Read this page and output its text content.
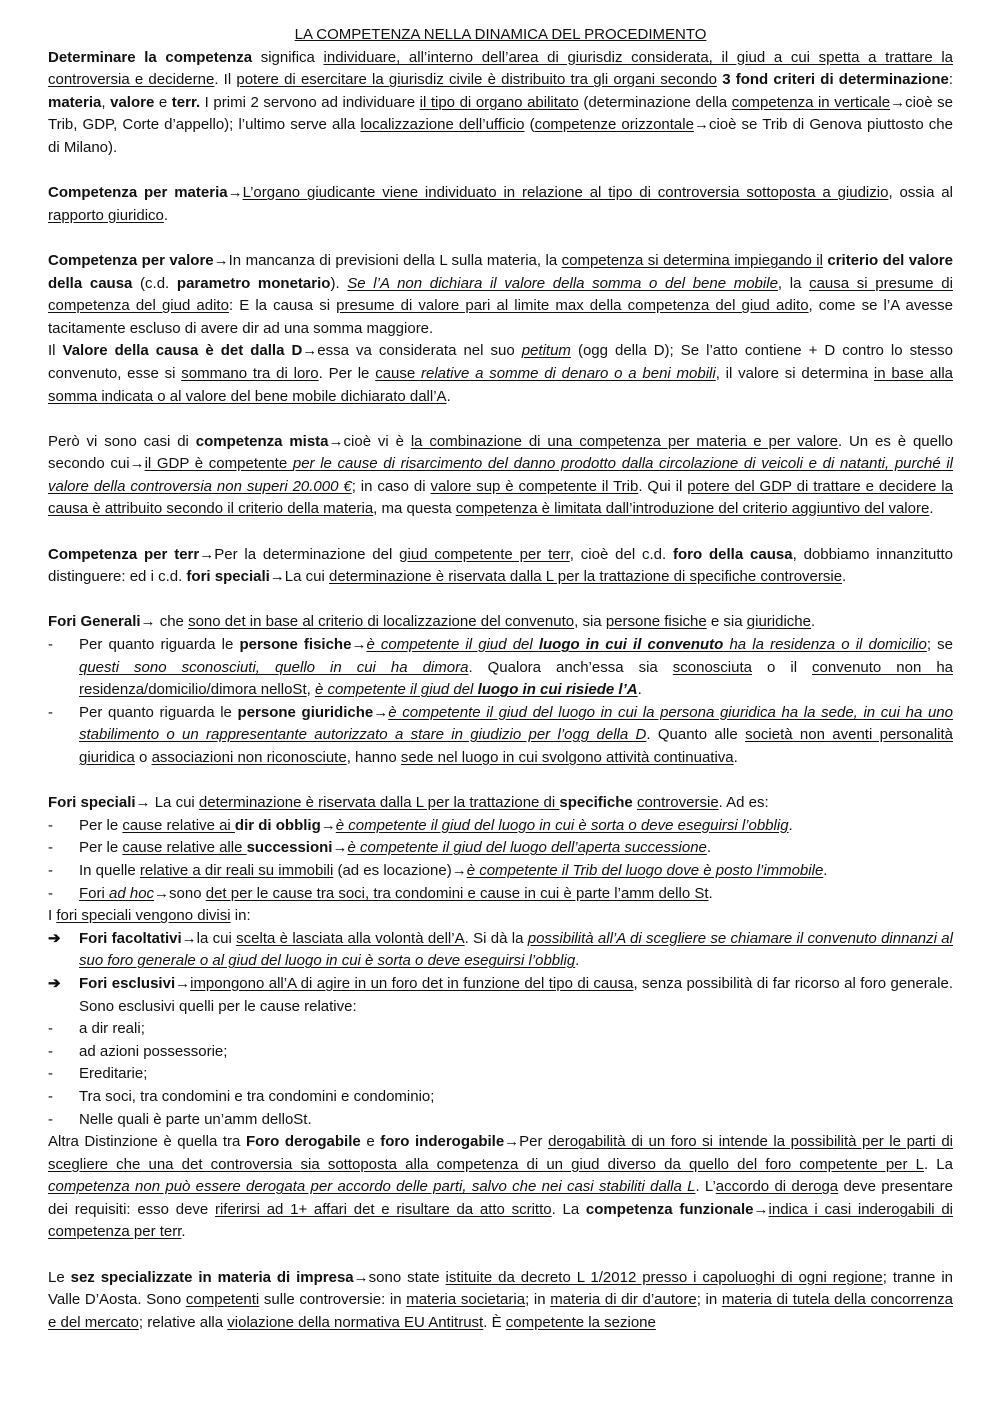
LA COMPETENZA NELLA DINAMICA DEL PROCEDIMENTO

Determinare la competenza significa individuare, all’interno dell’area di giurisdiz considerata, il giud a cui spetta a trattare la controversia e deciderne. Il potere di esercitare la giurisdiz civile è distribuito tra gli organi secondo 3 fond criteri di determinazione: materia, valore e terr. I primi 2 servono ad individuare il tipo di organo abilitato (determinazione della competenza in verticale→cioè se Trib, GDP, Corte d’appello); l’ultimo serve alla localizzazione dell’ufficio (competenze orizzontale→cioè se Trib di Genova piuttosto che di Milano).

Competenza per materia→L’organo giudicante viene individuato in relazione al tipo di controversia sottoposta a giudizio, ossia al rapporto giuridico.

Competenza per valore→In mancanza di previsioni della L sulla materia, la competenza si determina impiegando il criterio del valore della causa (c.d. parametro monetario). Se l’A non dichiara il valore della somma o del bene mobile, la causa si presume di competenza del giud adito: E la causa si presume di valore pari al limite max della competenza del giud adito, come se l’A avesse tacitamente escluso di avere dir ad una somma maggiore.

Il Valore della causa è det dalla D→essa va considerata nel suo petitum (ogg della D); Se l’atto contiene + D contro lo stesso convenuto, esse si sommano tra di loro. Per le cause relative a somme di denaro o a beni mobili, il valore si determina in base alla somma indicata o al valore del bene mobile dichiarato dall’A.

Però vi sono casi di competenza mista→cioè vi è la combinazione di una competenza per materia e per valore. Un es è quello secondo cui→il GDP è competente per le cause di risarcimento del danno prodotto dalla circolazione di veicoli e di natanti, purché il valore della controversia non superi 20.000 €; in caso di valore sup è competente il Trib. Qui il potere del GDP di trattare e decidere la causa è attribuito secondo il criterio della materia, ma questa competenza è limitata dall’introduzione del criterio aggiuntivo del valore.

Competenza per terr→Per la determinazione del giud competente per terr, cioè del c.d. foro della causa, dobbiamo innanzitutto distinguere: ed i c.d. fori speciali→La cui determinazione è riservata dalla L per la trattazione di specifiche controversie.

Fori Generali→ che sono det in base al criterio di localizzazione del convenuto, sia persone fisiche e sia giuridiche.

- Per quanto riguarda le persone fisiche→è competente il giud del luogo in cui il convenuto ha la residenza o il domicilio; se questi sono sconosciuti, quello in cui ha dimora. Qualora anch’essa sia sconosciuta o il convenuto non ha residenza/domicilio/dimora nelloSt, è competente il giud del luogo in cui risiede l’A.
- Per quanto riguarda le persone giuridiche→è competente il giud del luogo in cui la persona giuridica ha la sede, in cui ha uno stabilimento o un rappresentante autorizzato a stare in giudizio per l’ogg della D. Quanto alle società non aventi personalità giuridica o associazioni non riconosciute, hanno sede nel luogo in cui svolgono attività continuativa.

Fori speciali→ La cui determinazione è riservata dalla L per la trattazione di specifiche controversie. Ad es:

- Per le cause relative ai dir di obblig→è competente il giud del luogo in cui è sorta o deve eseguirsi l’obblig.
- Per le cause relative alle successioni→è competente il giud del luogo dell’aperta successione.
- In quelle relative a dir reali su immobili (ad es locazione)→è competente il Trib del luogo dove è posto l’immobile.
- Fori ad hoc→sono det per le cause tra soci, tra condomini e cause in cui è parte l’amm dello St.

I fori speciali vengono divisi in:

➔ Fori facoltativi→la cui scelta è lasciata alla volontà dell’A. Si dà la possibilità all’A di scegliere se chiamare il convenuto dinnanzi al suo foro generale o al giud del luogo in cui è sorta o deve eseguirsi l’obblig.
➔ Fori esclusivi→impongono all’A di agire in un foro det in funzione del tipo di causa, senza possibilità di far ricorso al foro generale. Sono esclusivi quelli per le cause relative:
- a dir reali;
- ad azioni possessorie;
- Ereditarie;
- Tra soci, tra condomini e tra condomini e condominio;
- Nelle quali è parte un’amm delloSt.

Altra Distinzione è quella tra Foro derogabile e foro inderogabile→Per derogabilità di un foro si intende la possibilità per le parti di scegliere che una det controversia sia sottoposta alla competenza di un giud diverso da quello del foro competente per L. La competenza non può essere derogata per accordo delle parti, salvo che nei casi stabiliti dalla L. L’accordo di deroga deve presentare dei requisiti: esso deve riferirsi ad 1+ affari det e risultare da atto scritto. La competenza funzionale→indica i casi inderogabili di competenza per terr.

Le sez specializzate in materia di impresa→sono state istituite da decreto L 1/2012 presso i capoluoghi di ogni regione; tranne in Valle D’Aosta. Sono competenti sulle controversie: in materia societaria; in materia di dir d’autore; in materia di tutela della concorrenza e del mercato; relative alla violazione della normativa EU Antitrust. È competente la sezione
